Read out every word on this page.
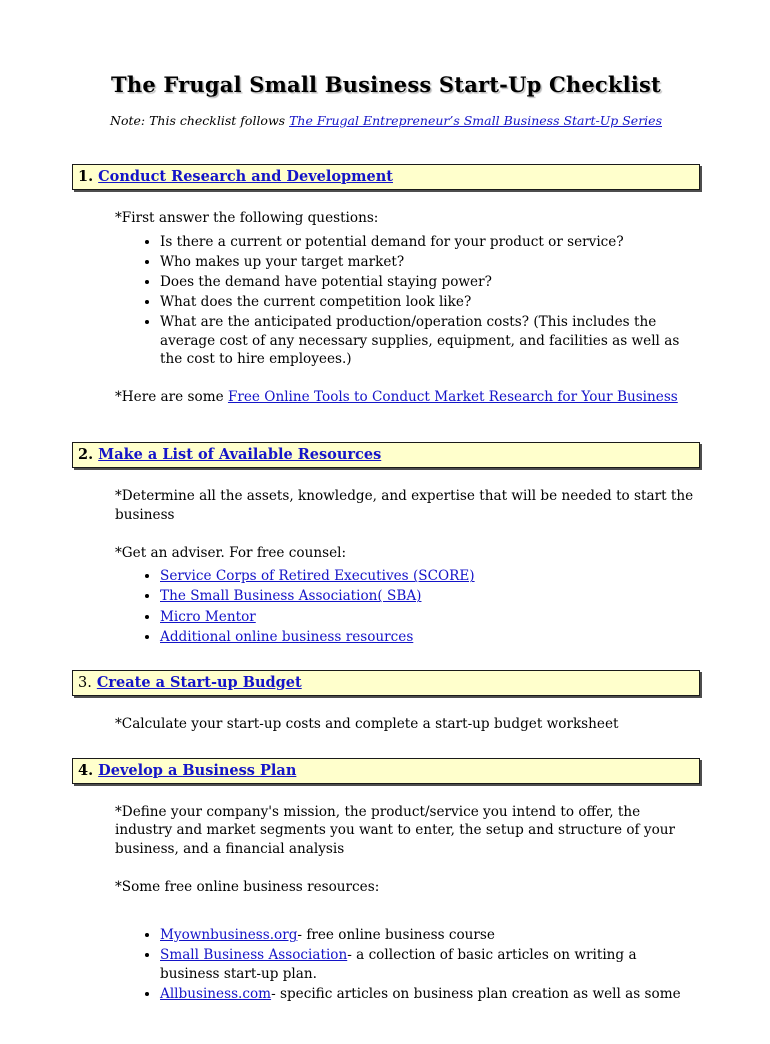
The Frugal Small Business Start-Up Checklist

Note: This checklist follows The Frugal Entrepreneur’s Small Business Start-Up Series

1. Conduct Research and Development

*First answer the following questions:

• Is there a current or potential demand for your product or service?
• Who makes up your target market?
• Does the demand have potential staying power?
• What does the current competition look like?
• What are the anticipated production/operation costs? (This includes the average cost of any necessary supplies, equipment, and facilities as well as the cost to hire employees.)

*Here are some Free Online Tools to Conduct Market Research for Your Business

2. Make a List of Available Resources

*Determine all the assets, knowledge, and expertise that will be needed to start the business

*Get an adviser. For free counsel:

• Service Corps of Retired Executives (SCORE)
• The Small Business Association( SBA)
• Micro Mentor
• Additional online business resources
3. Create a Start-up Budget

*Calculate your start-up costs and complete a start-up budget worksheet

4. Develop a Business Plan

*Define your company's mission, the product/service you intend to offer, the industry and market segments you want to enter, the setup and structure of your business, and a financial analysis

*Some free online business resources:

• Myownbusiness.org- free online business course
• Small Business Association- a collection of basic articles on writing a business start-up plan.
• Allbusiness.com- specific articles on business plan creation as well as some
